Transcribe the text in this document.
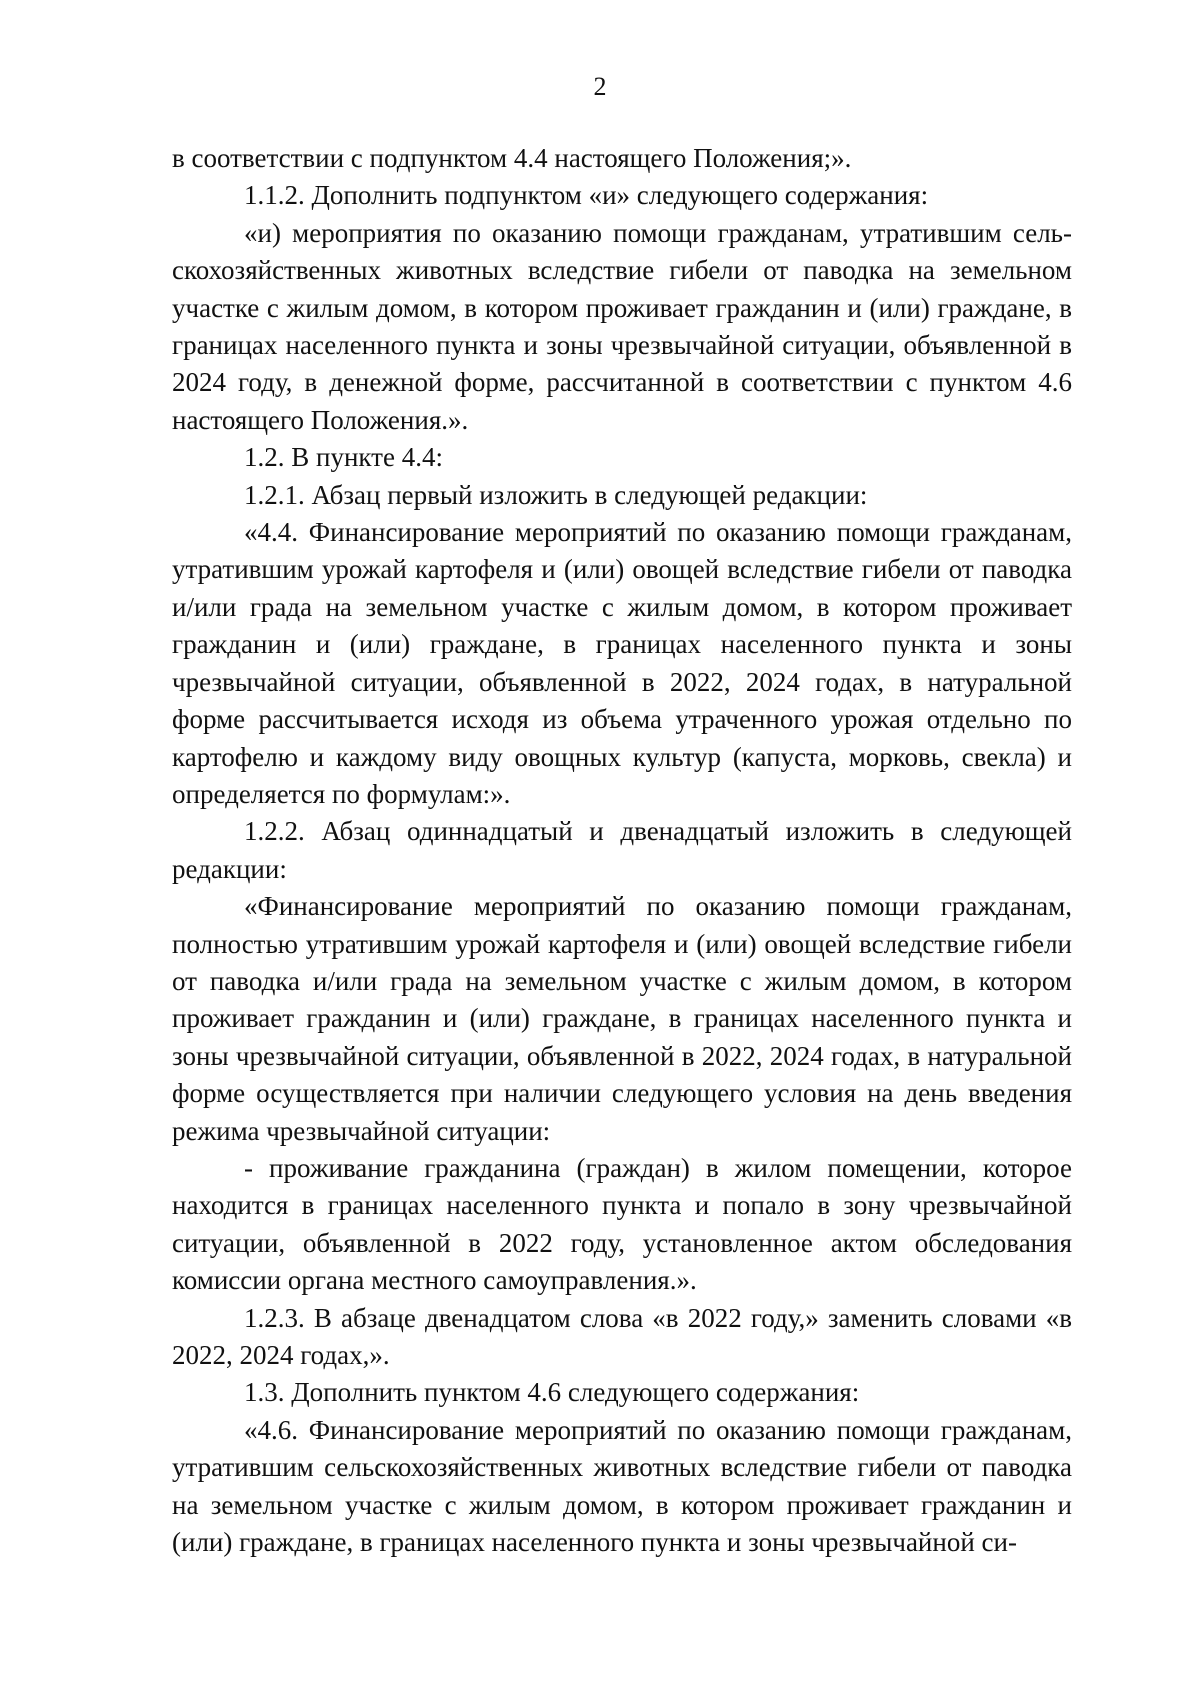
2

в соответствии с подпунктом 4.4 настоящего Положения;».

1.1.2. Дополнить подпунктом «и» следующего содержания:

«и) мероприятия по оказанию помощи гражданам, утратившим сельскохозяйственных животных вследствие гибели от паводка на земельном участке с жилым домом, в котором проживает гражданин и (или) граждане, в границах населенного пункта и зоны чрезвычайной ситуации, объявленной в 2024 году, в денежной форме, рассчитанной в соответствии с пунктом 4.6 настоящего Положения.».

1.2. В пункте 4.4:

1.2.1. Абзац первый изложить в следующей редакции:

«4.4. Финансирование мероприятий по оказанию помощи гражданам, утратившим урожай картофеля и (или) овощей вследствие гибели от паводка и/или града на земельном участке с жилым домом, в котором проживает гражданин и (или) граждане, в границах населенного пункта и зоны чрезвычайной ситуации, объявленной в 2022, 2024 годах, в натуральной форме рассчитывается исходя из объема утраченного урожая отдельно по картофелю и каждому виду овощных культур (капуста, морковь, свекла) и определяется по формулам:».

1.2.2. Абзац одиннадцатый и двенадцатый изложить в следующей редакции:

«Финансирование мероприятий по оказанию помощи гражданам, полностью утратившим урожай картофеля и (или) овощей вследствие гибели от паводка и/или града на земельном участке с жилым домом, в котором проживает гражданин и (или) граждане, в границах населенного пункта и зоны чрезвычайной ситуации, объявленной в 2022, 2024 годах, в натуральной форме осуществляется при наличии следующего условия на день введения режима чрезвычайной ситуации:

- проживание гражданина (граждан) в жилом помещении, которое находится в границах населенного пункта и попало в зону чрезвычайной ситуации, объявленной в 2022 году, установленное актом обследования комиссии органа местного самоуправления.».

1.2.3. В абзаце двенадцатом слова «в 2022 году,» заменить словами «в 2022, 2024 годах,».

1.3. Дополнить пунктом 4.6 следующего содержания:

«4.6. Финансирование мероприятий по оказанию помощи гражданам, утратившим сельскохозяйственных животных вследствие гибели от паводка на земельном участке с жилым домом, в котором проживает гражданин и (или) граждане, в границах населенного пункта и зоны чрезвычайной си-
